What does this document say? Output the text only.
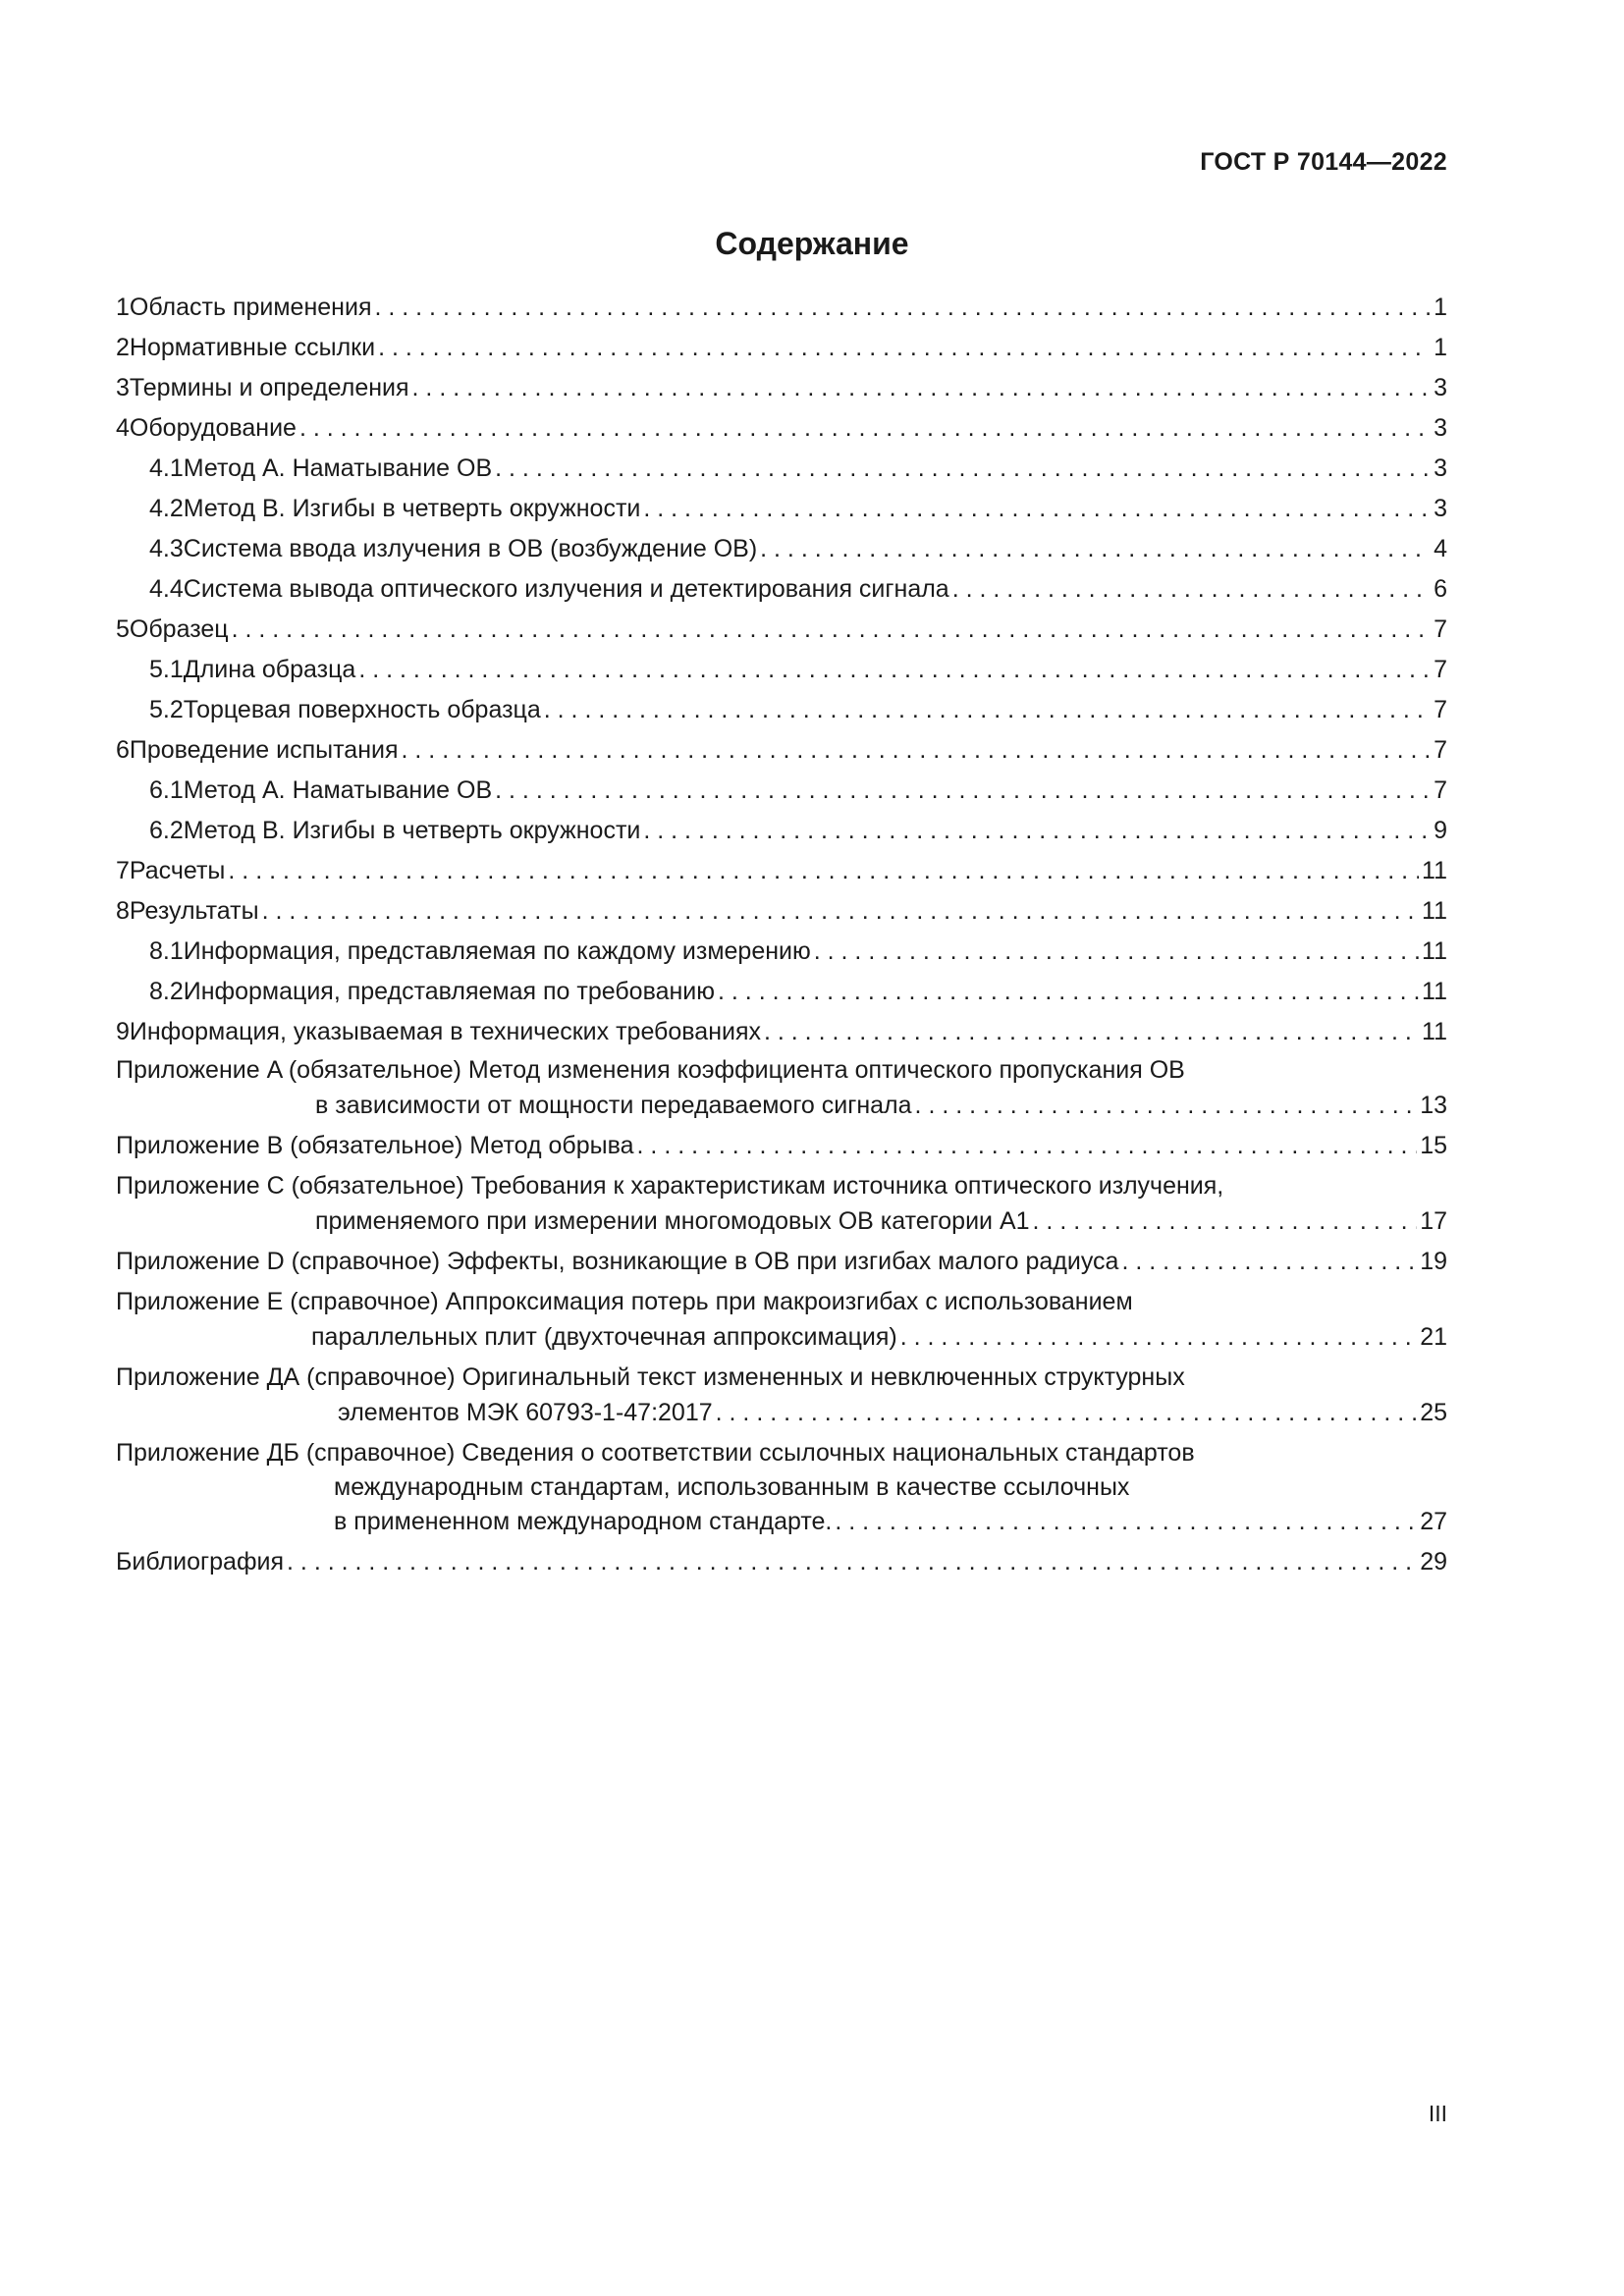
ГОСТ Р 70144—2022
Содержание
1 Область применения . . .	1
2 Нормативные ссылки . . .	1
3 Термины и определения . . .	3
4 Оборудование . . .	3
4.1 Метод A. Наматывание ОВ . . .	3
4.2 Метод B. Изгибы в четверть окружности . . .	3
4.3 Система ввода излучения в ОВ (возбуждение ОВ) . . .	4
4.4 Система вывода оптического излучения и детектирования сигнала . . .	6
5 Образец . . .	7
5.1 Длина образца . . .	7
5.2 Торцевая поверхность образца . . .	7
6 Проведение испытания . . .	7
6.1 Метод A. Наматывание ОВ . . .	7
6.2 Метод B. Изгибы в четверть окружности . . .	9
7 Расчеты . . .	11
8 Результаты . . .	11
8.1 Информация, представляемая по каждому измерению . . .	11
8.2 Информация, представляемая по требованию . . .	11
9 Информация, указываемая в технических требованиях . . .	11
Приложение A (обязательное) Метод изменения коэффициента оптического пропускания ОВ
в зависимости от мощности передаваемого сигнала . . .	13
Приложение B (обязательное) Метод обрыва . . .	15
Приложение C (обязательное) Требования к характеристикам источника оптического излучения,
применяемого при измерении многомодовых ОВ категории A1 . . .	17
Приложение D (справочное) Эффекты, возникающие в ОВ при изгибах малого радиуса . . .	19
Приложение E (справочное) Аппроксимация потерь при макроизгибах с использованием
параллельных плит (двухточечная аппроксимация) . . .	21
Приложение ДА (справочное) Оригинальный текст измененных и невключенных структурных
элементов МЭК 60793-1-47:2017 . . .	25
Приложение ДБ (справочное) Сведения о соответствии ссылочных национальных стандартов
международным стандартам, использованным в качестве ссылочных
в примененном международном стандарте. . . .	27
Библиография . . .	29
III
